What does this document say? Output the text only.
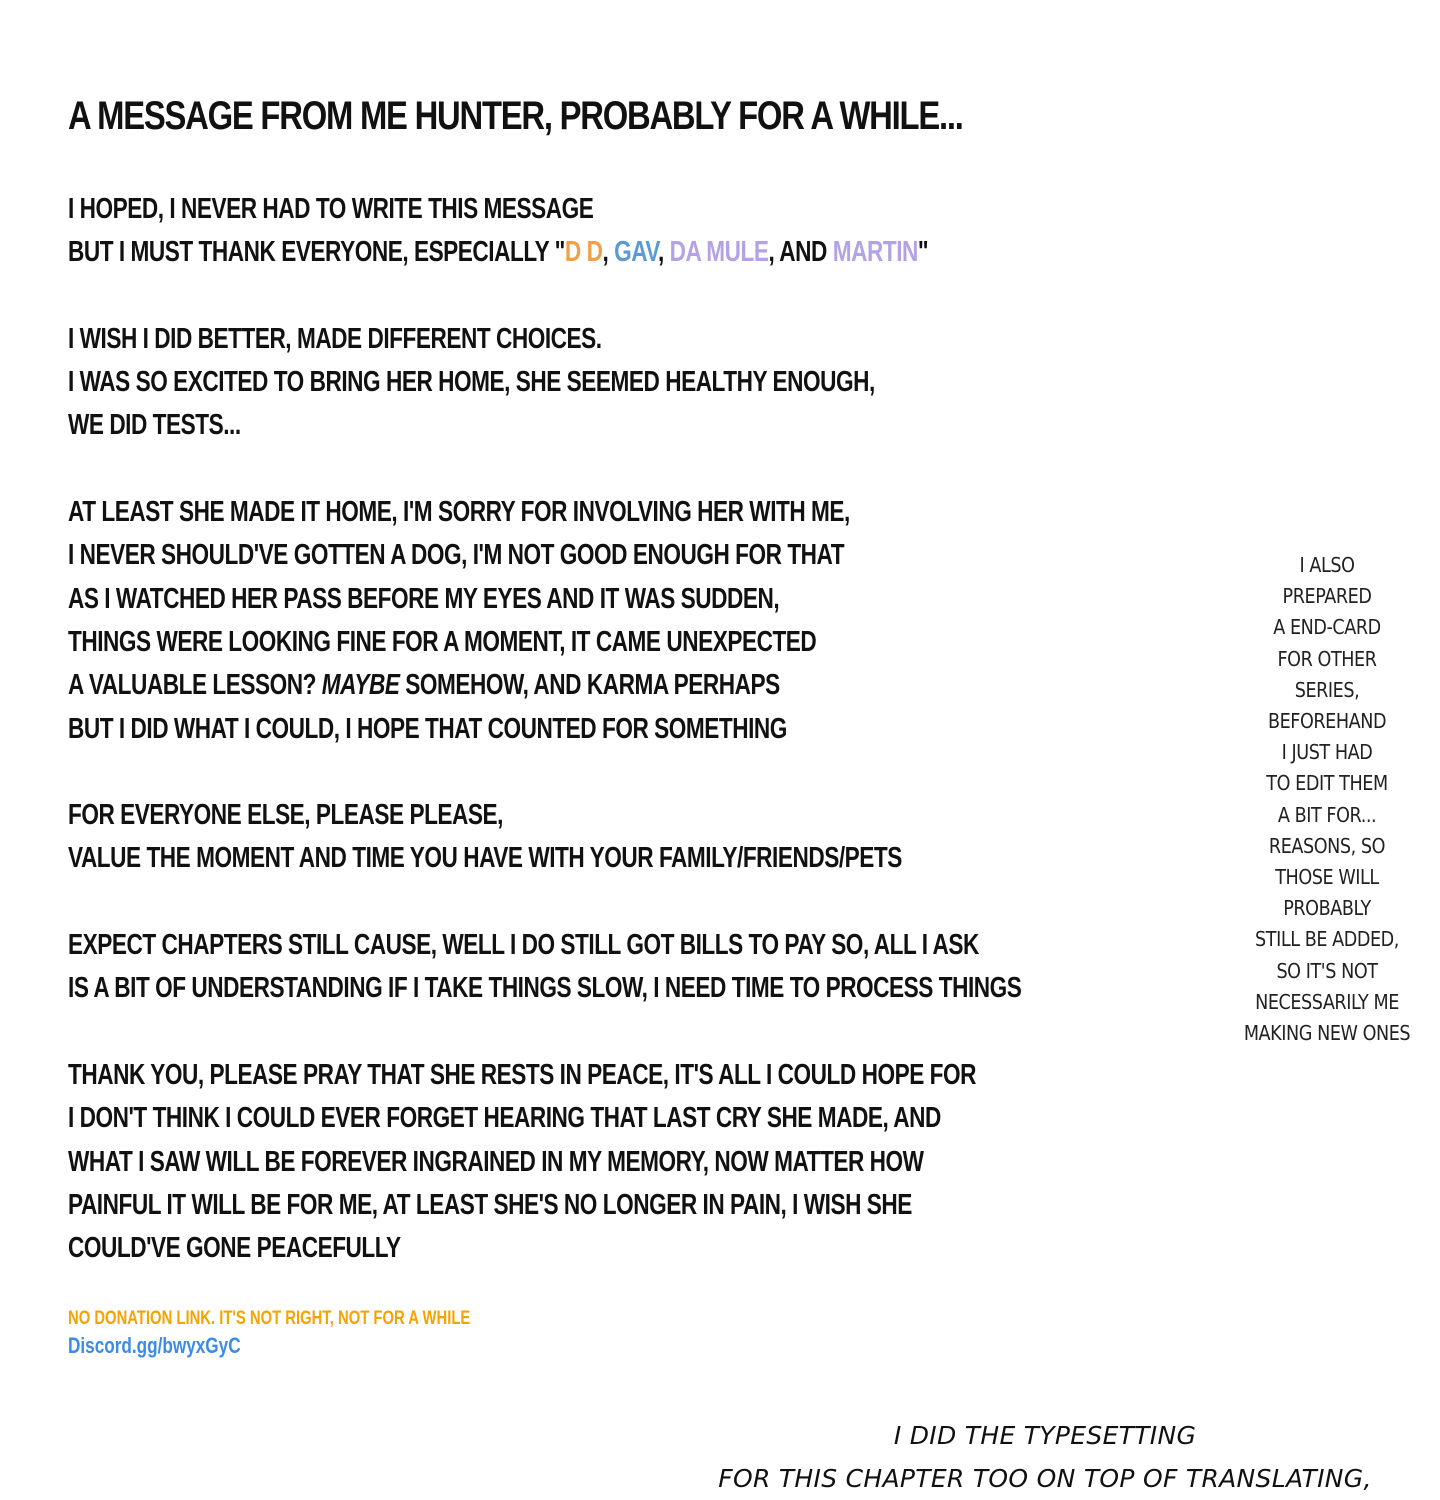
A MESSAGE FROM ME HUNTER, PROBABLY FOR A WHILE...

I HOPED, I NEVER HAD TO WRITE THIS MESSAGE
BUT I MUST THANK EVERYONE, ESPECIALLY "D D, GAV, DA MULE, AND MARTIN"

I WISH I DID BETTER, MADE DIFFERENT CHOICES.
I WAS SO EXCITED TO BRING HER HOME, SHE SEEMED HEALTHY ENOUGH,
WE DID TESTS...

AT LEAST SHE MADE IT HOME, I'M SORRY FOR INVOLVING HER WITH ME,
I NEVER SHOULD'VE GOTTEN A DOG, I'M NOT GOOD ENOUGH FOR THAT
AS I WATCHED HER PASS BEFORE MY EYES AND IT WAS SUDDEN,
THINGS WERE LOOKING FINE FOR A MOMENT, IT CAME UNEXPECTED
A VALUABLE LESSON? MAYBE SOMEHOW, AND KARMA PERHAPS
BUT I DID WHAT I COULD, I HOPE THAT COUNTED FOR SOMETHING

FOR EVERYONE ELSE, PLEASE PLEASE,
VALUE THE MOMENT AND TIME YOU HAVE WITH YOUR FAMILY/FRIENDS/PETS

EXPECT CHAPTERS STILL CAUSE, WELL I DO STILL GOT BILLS TO PAY SO, ALL I ASK
IS A BIT OF UNDERSTANDING IF I TAKE THINGS SLOW, I NEED TIME TO PROCESS THINGS

THANK YOU, PLEASE PRAY THAT SHE RESTS IN PEACE, IT'S ALL I COULD HOPE FOR
I DON'T THINK I COULD EVER FORGET HEARING THAT LAST CRY SHE MADE, AND
WHAT I SAW WILL BE FOREVER INGRAINED IN MY MEMORY, NOW MATTER HOW
PAINFUL IT WILL BE FOR ME, AT LEAST SHE'S NO LONGER IN PAIN, I WISH SHE
COULD'VE GONE PEACEFULLY

NO DONATION LINK. IT'S NOT RIGHT, NOT FOR A WHILE
Discord.gg/bwyxGyC
I ALSO
PREPARED
A END-CARD
FOR OTHER
SERIES,
BEFOREHAND
I JUST HAD
TO EDIT THEM
A BIT FOR...
REASONS, SO
THOSE WILL
PROBABLY
STILL BE ADDED,
SO IT'S NOT
NECESSARILY ME
MAKING NEW ONES
I DID THE TYPESETTING
FOR THIS CHAPTER TOO ON TOP OF TRANSLATING,
